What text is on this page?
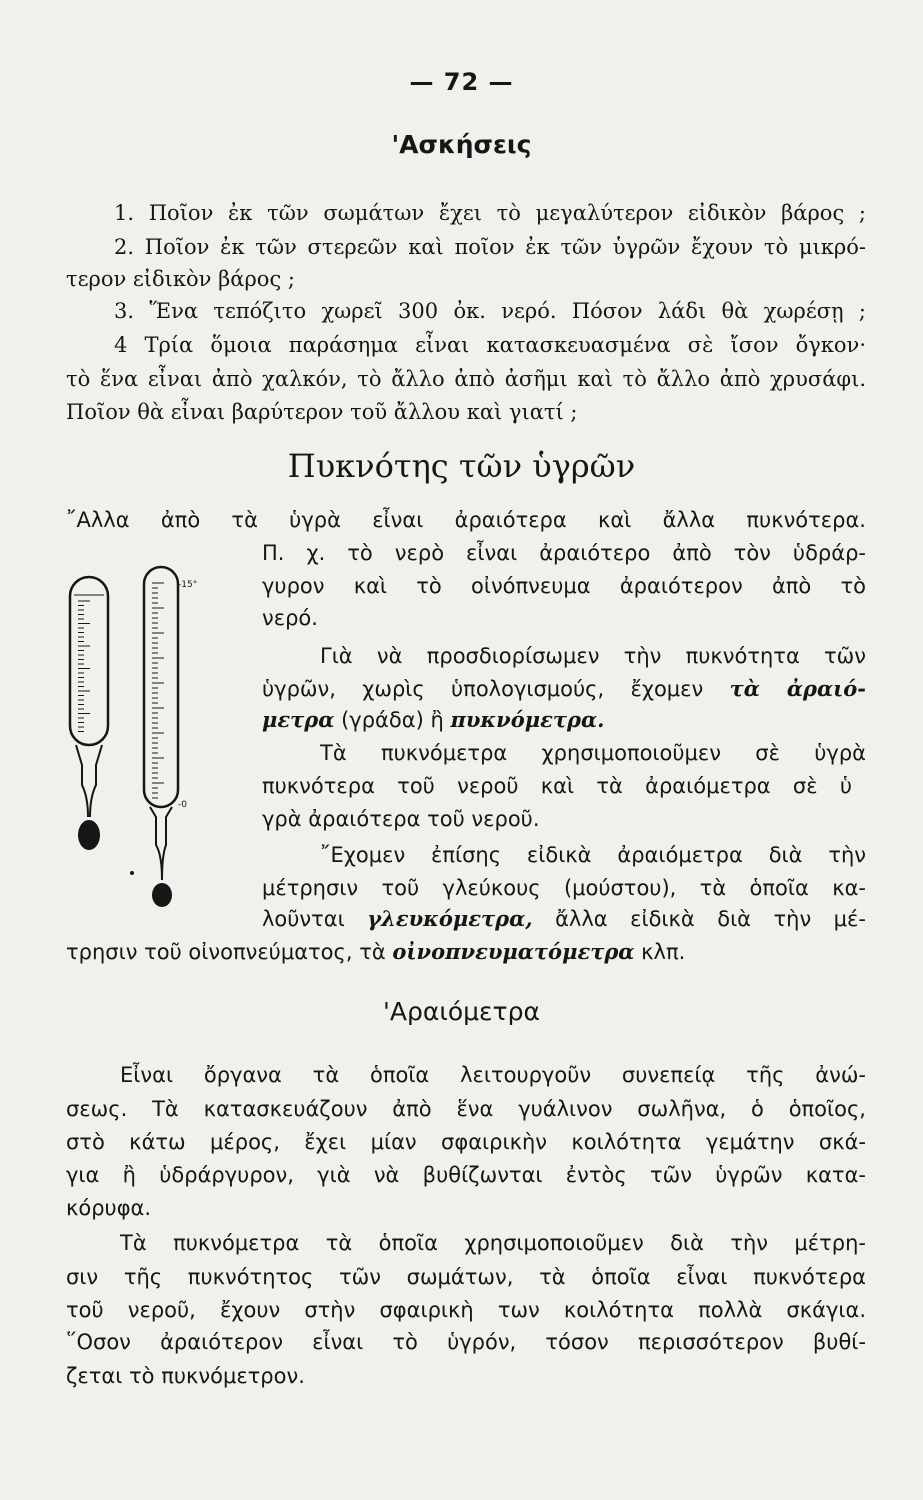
— 72 —
'Ασκήσεις
1. Ποῖον ἐκ τῶν σωμάτων ἔχει τὸ μεγαλύτερον εἰδικὸν βάρος ;
2. Ποῖον ἐκ τῶν στερεῶν καὶ ποῖον ἐκ τῶν ὑγρῶν ἔχουν τὸ μικρό-
τερον εἰδικὸν βάρος ;
3. Ἕνα τεπόζιτο χωρεῖ 300 ὀκ. νερό. Πόσον λάδι θὰ χωρέσῃ ;
4 Τρία ὅμοια παράσημα εἶναι κατασκευασμένα σὲ ἴσον ὄγκον·
τὸ ἕνα εἶναι ἀπὸ χαλκόν, τὸ ἄλλο ἀπὸ ἀσῆμι καὶ τὸ ἄλλο ἀπὸ χρυσάφι.
Ποῖον θὰ εἶναι βαρύτερον τοῦ ἄλλου καὶ γιατί ;
Πυκνότης τῶν ὑγρῶν
῎Αλλα ἀπὸ τὰ ὑγρὰ εἶναι ἀραιότερα καὶ ἄλλα πυκνότερα.
Π. χ. τὸ νερὸ εἶναι ἀραιότερο ἀπὸ τὸν ὑδράρ-
γυρον καὶ τὸ οἰνόπνευμα ἀραιότερον ἀπὸ τὸ
νερό.
Γιὰ νὰ προσδιορίσωμεν τὴν πυκνότητα τῶν
ὑγρῶν, χωρὶς ὑπολογισμούς, ἔχομεν τὰ ἀραιό-
μετρα (γράδα) ἢ πυκνόμετρα.
Τὰ πυκνόμετρα χρησιμοποιοῦμεν σὲ ὑγρὰ
πυκνότερα τοῦ νεροῦ καὶ τὰ ἀραιόμετρα σὲ ὑ
γρὰ ἀραιότερα τοῦ νεροῦ.
῎Εχομεν ἐπίσης εἰδικὰ ἀραιόμετρα διὰ τὴν
μέτρησιν τοῦ γλεύκους (μούστου), τὰ ὁποῖα κα-
λοῦνται γλευκόμετρα, ἄλλα εἰδικὰ διὰ τὴν μέ-
τρησιν τοῦ οἰνοπνεύματος, τὰ οἰνοπνευματόμετρα κλπ.
-15°
-0
'Αραιόμετρα
Εἶναι ὄργανα τὰ ὁποῖα λειτουργοῦν συνεπείᾳ τῆς ἀνώ-
σεως. Τὰ κατασκευάζουν ἀπὸ ἕνα γυάλινον σωλῆνα, ὁ ὁποῖος,
στὸ κάτω μέρος, ἔχει μίαν σφαιρικὴν κοιλότητα γεμάτην σκά-
για ἢ ὑδράργυρον, γιὰ νὰ βυθίζωνται ἐντὸς τῶν ὑγρῶν κατα-
κόρυφα.
Τὰ πυκνόμετρα τὰ ὁποῖα χρησιμοποιοῦμεν διὰ τὴν μέτρη-
σιν τῆς πυκνότητος τῶν σωμάτων, τὰ ὁποῖα εἶναι πυκνότερα
τοῦ νεροῦ, ἔχουν στὴν σφαιρικὴ των κοιλότητα πολλὰ σκάγια.
῞Οσον ἀραιότερον εἶναι τὸ ὑγρόν, τόσον περισσότερον βυθί-
ζεται τὸ πυκνόμετρον.
